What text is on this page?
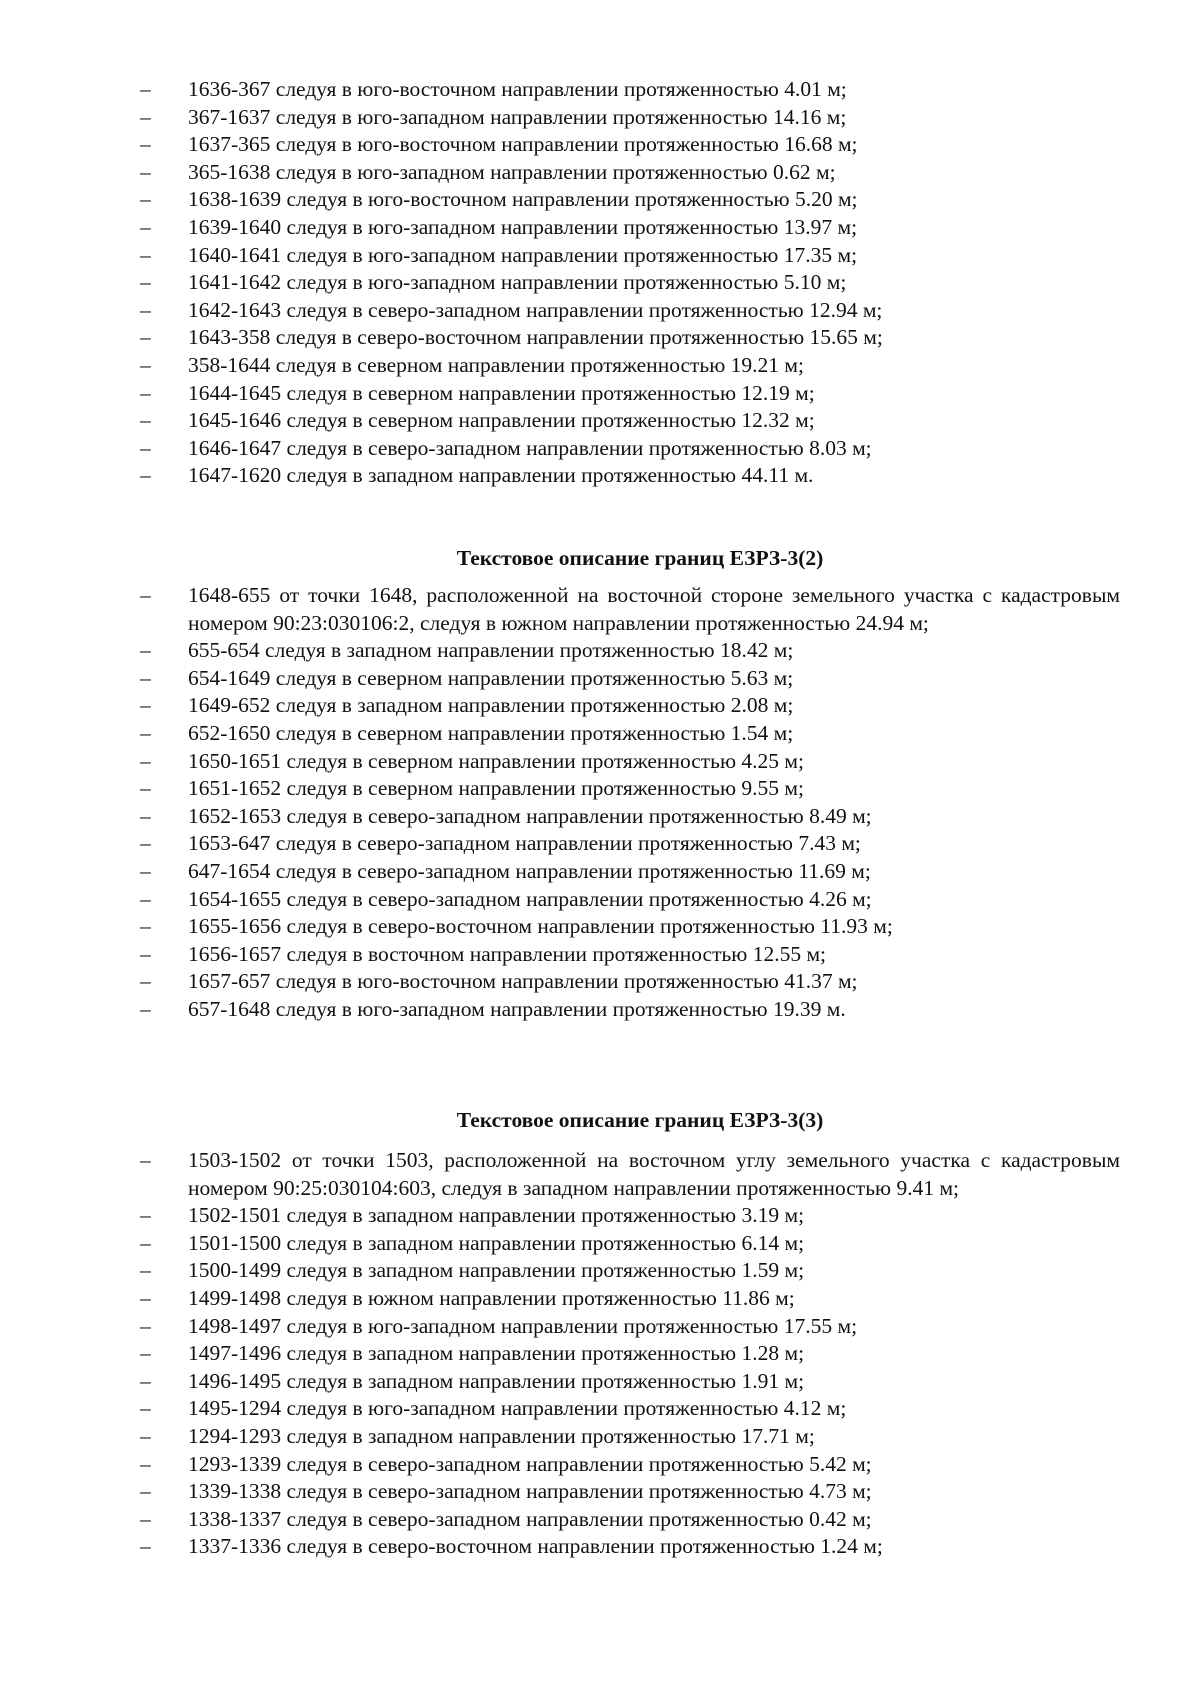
–	1636-367 следуя в юго-восточном направлении протяженностью 4.01 м;
–	367-1637 следуя в юго-западном направлении протяженностью 14.16 м;
–	1637-365 следуя в юго-восточном направлении протяженностью 16.68 м;
–	365-1638 следуя в юго-западном направлении протяженностью 0.62 м;
–	1638-1639 следуя в юго-восточном направлении протяженностью 5.20 м;
–	1639-1640 следуя в юго-западном направлении протяженностью 13.97 м;
–	1640-1641 следуя в юго-западном направлении протяженностью 17.35 м;
–	1641-1642 следуя в юго-западном направлении протяженностью 5.10 м;
–	1642-1643 следуя в северо-западном направлении протяженностью 12.94 м;
–	1643-358 следуя в северо-восточном направлении протяженностью 15.65 м;
–	358-1644 следуя в северном направлении протяженностью 19.21 м;
–	1644-1645 следуя в северном направлении протяженностью 12.19 м;
–	1645-1646 следуя в северном направлении протяженностью 12.32 м;
–	1646-1647 следуя в северо-западном направлении протяженностью 8.03 м;
–	1647-1620 следуя в западном направлении протяженностью 44.11 м.
Текстовое описание границ ЕЗРЗ-3(2)
–	1648-655 от точки 1648, расположенной на восточной стороне земельного участка с кадастровым номером 90:23:030106:2, следуя в южном направлении протяженностью 24.94 м;
–	655-654 следуя в западном направлении протяженностью 18.42 м;
–	654-1649 следуя в северном направлении протяженностью 5.63 м;
–	1649-652 следуя в западном направлении протяженностью 2.08 м;
–	652-1650 следуя в северном направлении протяженностью 1.54 м;
–	1650-1651 следуя в северном направлении протяженностью 4.25 м;
–	1651-1652 следуя в северном направлении протяженностью 9.55 м;
–	1652-1653 следуя в северо-западном направлении протяженностью 8.49 м;
–	1653-647 следуя в северо-западном направлении протяженностью 7.43 м;
–	647-1654 следуя в северо-западном направлении протяженностью 11.69 м;
–	1654-1655 следуя в северо-западном направлении протяженностью 4.26 м;
–	1655-1656 следуя в северо-восточном направлении протяженностью 11.93 м;
–	1656-1657 следуя в восточном направлении протяженностью 12.55 м;
–	1657-657 следуя в юго-восточном направлении протяженностью 41.37 м;
–	657-1648 следуя в юго-западном направлении протяженностью 19.39 м.
Текстовое описание границ ЕЗРЗ-3(3)
–	1503-1502 от точки 1503, расположенной на восточном углу земельного участка с кадастровым номером 90:25:030104:603, следуя в западном направлении протяженностью 9.41 м;
–	1502-1501 следуя в западном направлении протяженностью 3.19 м;
–	1501-1500 следуя в западном направлении протяженностью 6.14 м;
–	1500-1499 следуя в западном направлении протяженностью 1.59 м;
–	1499-1498 следуя в южном направлении протяженностью 11.86 м;
–	1498-1497 следуя в юго-западном направлении протяженностью 17.55 м;
–	1497-1496 следуя в западном направлении протяженностью 1.28 м;
–	1496-1495 следуя в западном направлении протяженностью 1.91 м;
–	1495-1294 следуя в юго-западном направлении протяженностью 4.12 м;
–	1294-1293 следуя в западном направлении протяженностью 17.71 м;
–	1293-1339 следуя в северо-западном направлении протяженностью 5.42 м;
–	1339-1338 следуя в северо-западном направлении протяженностью 4.73 м;
–	1338-1337 следуя в северо-западном направлении протяженностью 0.42 м;
–	1337-1336 следуя в северо-восточном направлении протяженностью 1.24 м;
